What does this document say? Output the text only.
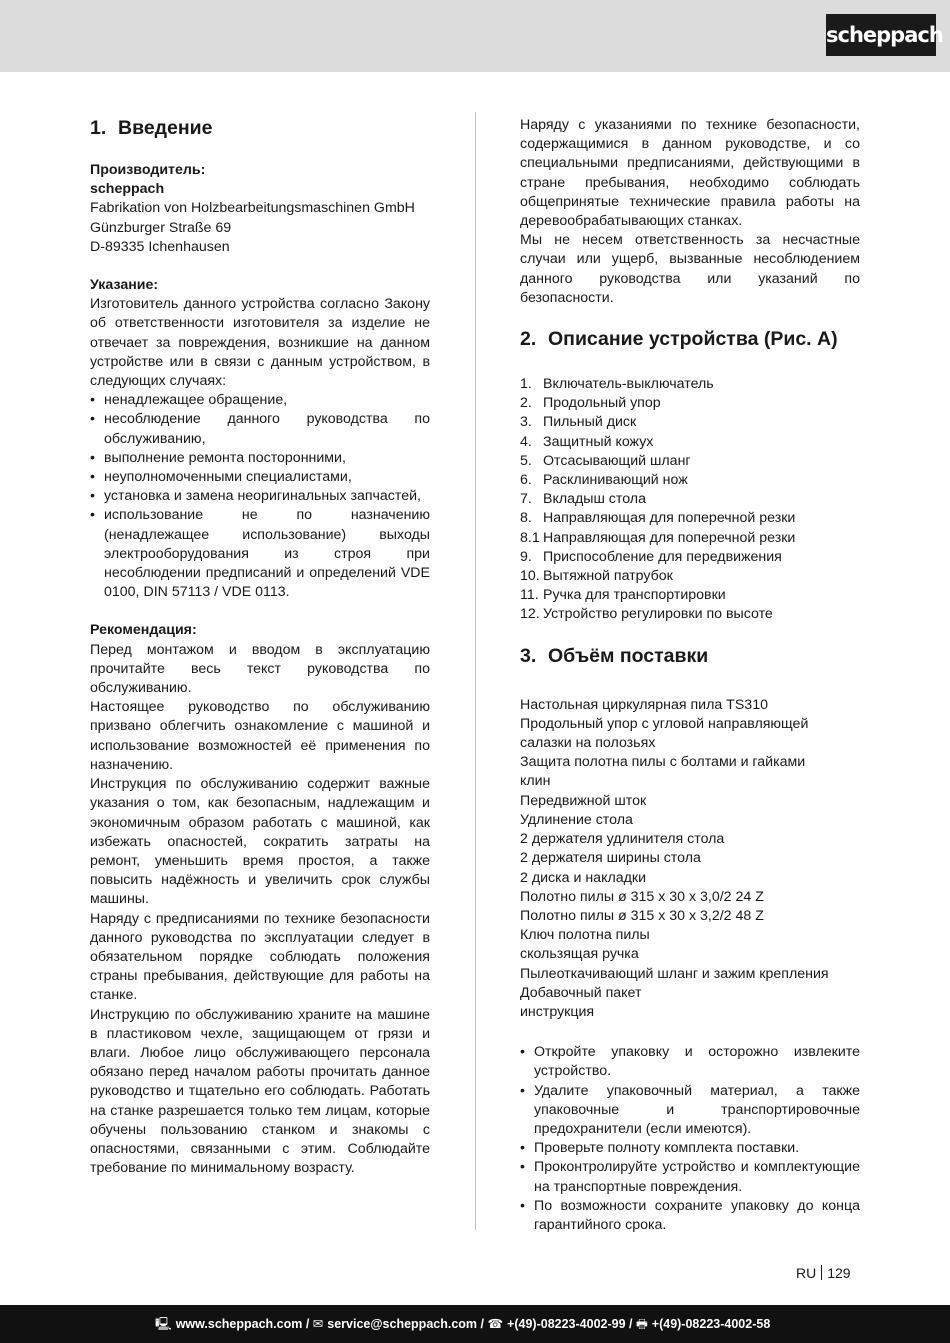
scheppach
1. Введение

Производитель:

scheppach

Fabrikation von Holzbearbeitungsmaschinen GmbH

Günzburger Straße 69

D-89335 Ichenhausen

Указание:

Изготовитель данного устройства согласно Закону об ответственности изготовителя за изделие не отвечает за повреждения, возникшие на данном устройстве или в связи с данным устройством, в следующих случаях:

• ненадлежащее обращение,
• несоблюдение данного руководства по обслуживанию,
• выполнение ремонта посторонними,
• неуполномоченными специалистами,
• установка и замена неоригинальных запчастей,
• использование не по назначению (ненадлежащее использование) выходы электрооборудования из строя при несоблюдении предписаний и определений VDE 0100, DIN 57113 / VDE 0113.

Рекомендация:

Перед монтажом и вводом в эксплуатацию прочитайте весь текст руководства по обслуживанию.

Настоящее руководство по обслуживанию призвано облегчить ознакомление с машиной и использование возможностей её применения по назначению.

Инструкция по обслуживанию содержит важные указания о том, как безопасным, надлежащим и экономичным образом работать с машиной, как избежать опасностей, сократить затраты на ремонт, уменьшить время простоя, а также повысить надёжность и увеличить срок службы машины.

Наряду с предписаниями по технике безопасности данного руководства по эксплуатации следует в обязательном порядке соблюдать положения страны пребывания, действующие для работы на станке.

Инструкцию по обслуживанию храните на машине в пластиковом чехле, защищающем от грязи и влаги. Любое лицо обслуживающего персонала обязано перед началом работы прочитать данное руководство и тщательно его соблюдать. Работать на станке разрешается только тем лицам, которые обучены пользованию станком и знакомы с опасностями, связанными с этим. Соблюдайте требование по минимальному возрасту.

Наряду с указаниями по технике безопасности, содержащимися в данном руководстве, и со специальными предписаниями, действующими в стране пребывания, необходимо соблюдать общепринятые технические правила работы на деревообрабатывающих станках.

Мы не несем ответственность за несчастные случаи или ущерб, вызванные несоблюдением данного руководства или указаний по безопасности.

2. Описание устройства (Рис. A)
1. Включатель-выключатель
2. Продольный упор
3. Пильный диск
4. Защитный кожух
5. Отсасывающий шланг
6. Расклинивающий нож
7. Вкладыш стола
8. Направляющая для поперечной резки
8.1 Направляющая для поперечной резки
9. Приспособление для передвижения
10. Вытяжной патрубок
11. Ручка для транспортировки
12. Устройство регулировки по высоте
3. Объём поставки

Настольная циркулярная пила TS310

Продольный упор с угловой направляющей

салазки на полозьях

Защита полотна пилы с болтами и гайками

клин

Передвижной шток

Удлинение стола

2 держателя удлинителя стола

2 держателя ширины стола

2 диска и накладки

Полотно пилы ø 315 x 30 x 3,0/2 24 Z

Полотно пилы ø 315 x 30 x 3,2/2 48 Z

Ключ полотна пилы

скользящая ручка

Пылеоткачивающий шланг и зажим крепления

Добавочный пакет

инструкция

• Откройте упаковку и осторожно извлеките устройство.
• Удалите упаковочный материал, а также упаковочные и транспортировочные предохранители (если имеются).
• Проверьте полноту комплекта поставки.
• Проконтролируйте устройство и комплектующие на транспортные повреждения.
• По возможности сохраните упаковку до конца гарантийного срока.
RU 129
🖳 www.scheppach.com / ✉ service@scheppach.com / ☎ +(49)-08223-4002-99 / 🖶 +(49)-08223-4002-58
